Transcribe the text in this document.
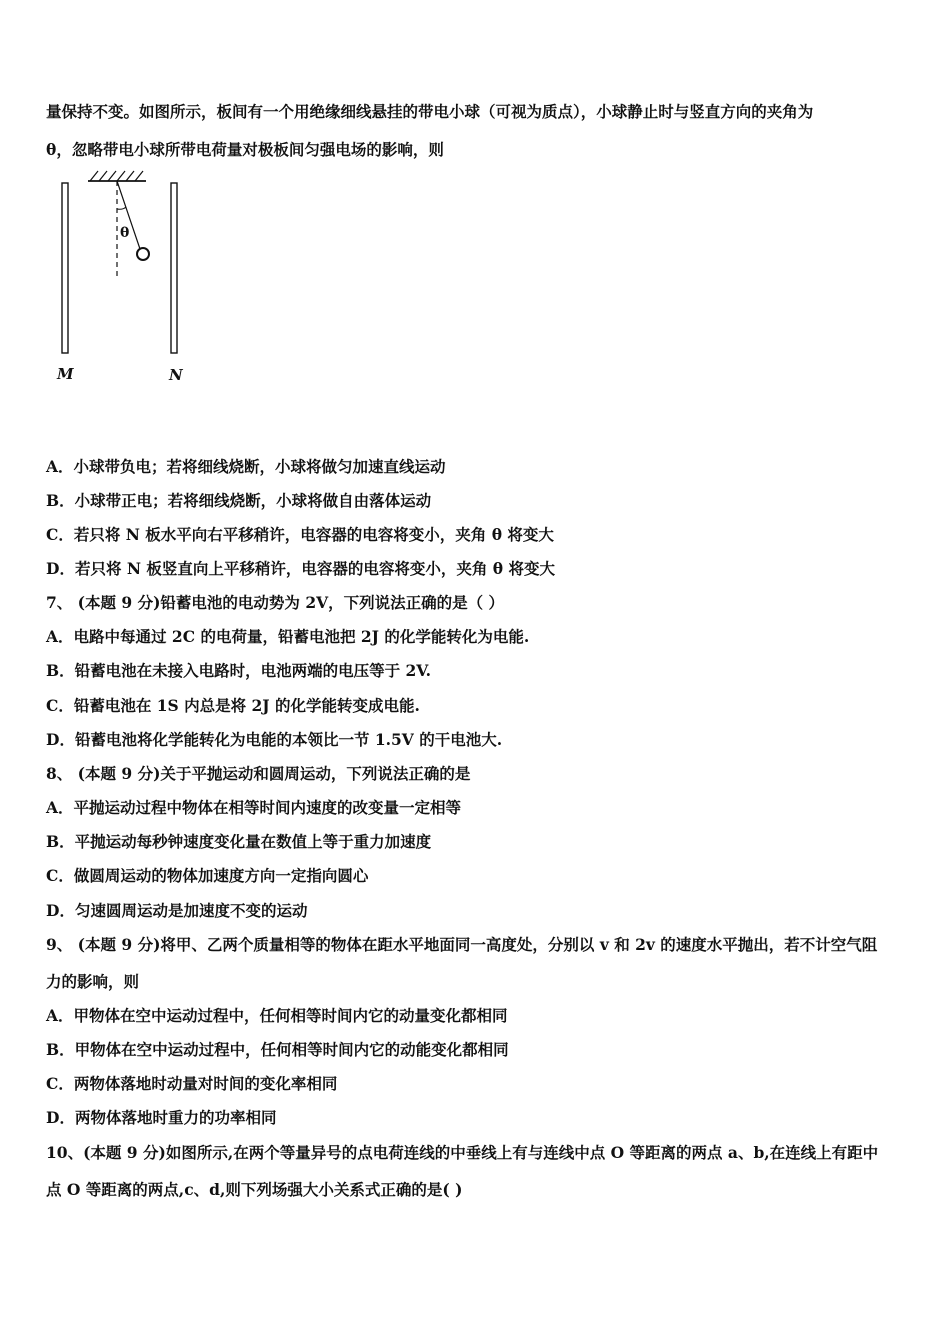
量保持不变。如图所示，板间有一个用绝缘细线悬挂的带电小球（可视为质点），小球静止时与竖直方向的夹角为
θ，忽略带电小球所带电荷量对极板间匀强电场的影响，则
θ
M	N
A．小球带负电；若将细线烧断，小球将做匀加速直线运动
B．小球带正电；若将细线烧断，小球将做自由落体运动
C．若只将 N 板水平向右平移稍许，电容器的电容将变小，夹角 θ 将变大
D．若只将 N 板竖直向上平移稍许，电容器的电容将变小，夹角 θ 将变大
7、 (本题 9 分)铅蓄电池的电动势为 2V，下列说法正确的是（ ）
A．电路中每通过 2C 的电荷量，铅蓄电池把 2J 的化学能转化为电能.
B．铅蓄电池在未接入电路时，电池两端的电压等于 2V.
C．铅蓄电池在 1S 内总是将 2J 的化学能转变成电能.
D．铅蓄电池将化学能转化为电能的本领比一节 1.5V 的干电池大.
8、 (本题 9 分)关于平抛运动和圆周运动，下列说法正确的是
A．平抛运动过程中物体在相等时间内速度的改变量一定相等
B．平抛运动每秒钟速度变化量在数值上等于重力加速度
C．做圆周运动的物体加速度方向一定指向圆心
D．匀速圆周运动是加速度不变的运动
9、 (本题 9 分)将甲、乙两个质量相等的物体在距水平地面同一高度处，分别以 v 和 2v 的速度水平抛出，若不计空气阻
力的影响，则
A．甲物体在空中运动过程中，任何相等时间内它的动量变化都相同
B．甲物体在空中运动过程中，任何相等时间内它的动能变化都相同
C．两物体落地时动量对时间的变化率相同
D．两物体落地时重力的功率相同
10、(本题 9 分)如图所示,在两个等量异号的点电荷连线的中垂线上有与连线中点 O 等距离的两点 a、b,在连线上有距中
点 O 等距离的两点,c、d,则下列场强大小关系式正确的是( )
